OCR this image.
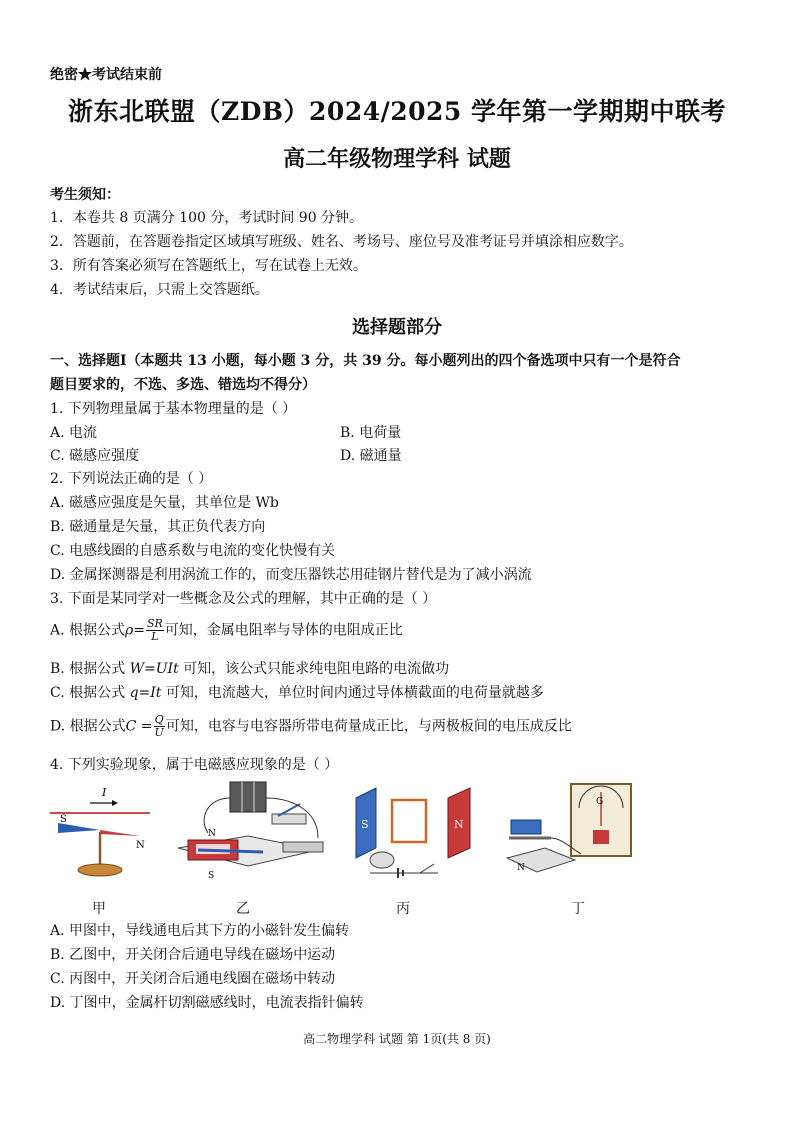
绝密★考试结束前
浙东北联盟（ZDB）2024/2025 学年第一学期期中联考
高二年级物理学科 试题
考生须知：
1．本卷共 8 页满分 100 分，考试时间 90 分钟。
2．答题前，在答题卷指定区域填写班级、姓名、考场号、座位号及准考证号并填涂相应数字。
3．所有答案必须写在答题纸上，写在试卷上无效。
4．考试结束后，只需上交答题纸。
选择题部分
一、选择题Ⅰ（本题共 13 小题，每小题 3 分，共 39 分。每小题列出的四个备选项中只有一个是符合
题目要求的，不选、多选、错选均不得分）
1. 下列物理量属于基本物理量的是（ ）
A. 电流	B. 电荷量
C. 磁感应强度	D. 磁通量
2. 下列说法正确的是（ ）
A. 磁感应强度是矢量，其单位是 Wb
B. 磁通量是矢量，其正负代表方向
C. 电感线圈的自感系数与电流的变化快慢有关
D. 金属探测器是利用涡流工作的，而变压器铁芯用硅钢片替代是为了减小涡流
3. 下面是某同学对一些概念及公式的理解，其中正确的是（ ）
A. 根据公式$\rho= \frac{SR}{L}$ 可知，金属电阻率与导体的电阻成正比
B. 根据公式 W=UIt 可知，该公式只能求纯电阻电路的电流做功
C. 根据公式 q=It 可知，电流越大，单位时间内通过导体横截面的电荷量就越多
D. 根据公式$C = \frac{Q}{U}$ 可知，电容与电容器所带电荷量成正比，与两极板间的电压成反比
4. 下列实验现象，属于电磁感应现象的是（ ）
I
S
N
N
S
S	N
G
N
甲	乙	丙	丁
A. 甲图中，导线通电后其下方的小磁针发生偏转
B. 乙图中，开关闭合后通电导线在磁场中运动
C. 丙图中，开关闭合后通电线圈在磁场中转动
D. 丁图中，金属杆切割磁感线时，电流表指针偏转
高二物理学科 试题 第 1页(共 8 页)
